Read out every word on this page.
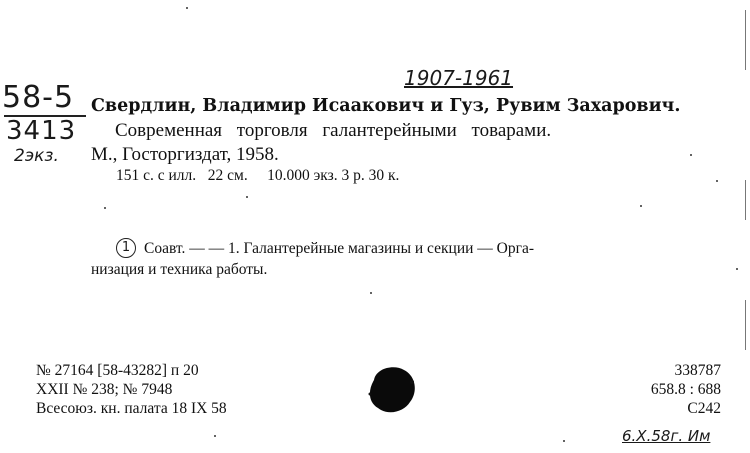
58-5
3413
2экз.
1907-1961
Свердлин, Владимир Исаакович и Гуз, Рувим Захарович.
Современная торговля галантерейными товарами.
М., Госторгиздат, 1958.
151 с. с илл.   22 см.     10.000 экз. 3 р. 30 к.
1 Соавт. — — 1. Галантерейные магазины и секции — Орга-
низация и техника работы.
№ 27164 [58-43282] п 20
XXII № 238; № 7948
Всесоюз. кн. палата 18 IX 58
338787
658.8 : 688
С242
6.X.58г. Им
